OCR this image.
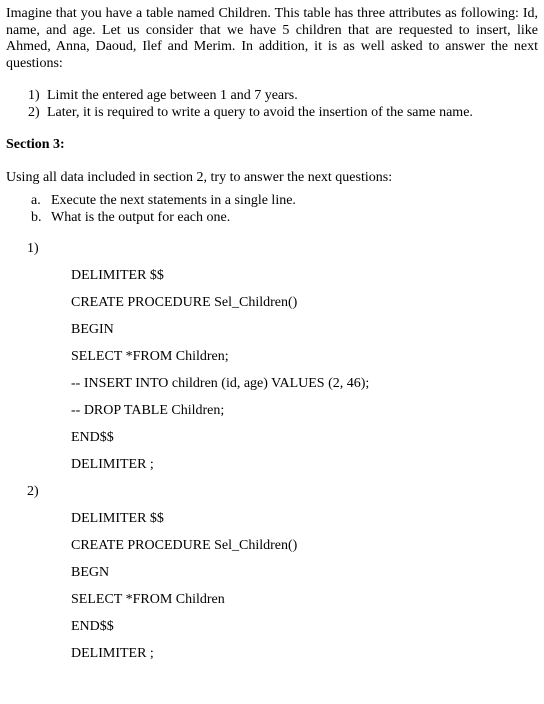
Imagine that you have a table named Children. This table has three attributes as following: Id, name, and age. Let us consider that we have 5 children that are requested to insert, like Ahmed, Anna, Daoud, Ilef and Merim. In addition, it is as well asked to answer the next questions:

1) Limit the entered age between 1 and 7 years.
2) Later, it is required to write a query to avoid the insertion of the same name.

Section 3:

Using all data included in section 2, try to answer the next questions:

a. Execute the next statements in a single line.
b. What is the output for each one.

1)

DELIMITER $$

CREATE PROCEDURE Sel_Children()

BEGIN

SELECT *FROM Children;

-- INSERT INTO children (id, age) VALUES (2, 46);

-- DROP TABLE Children;

END$$

DELIMITER ;

2)

DELIMITER $$

CREATE PROCEDURE Sel_Children()

BEGN

SELECT *FROM Children

END$$

DELIMITER ;
